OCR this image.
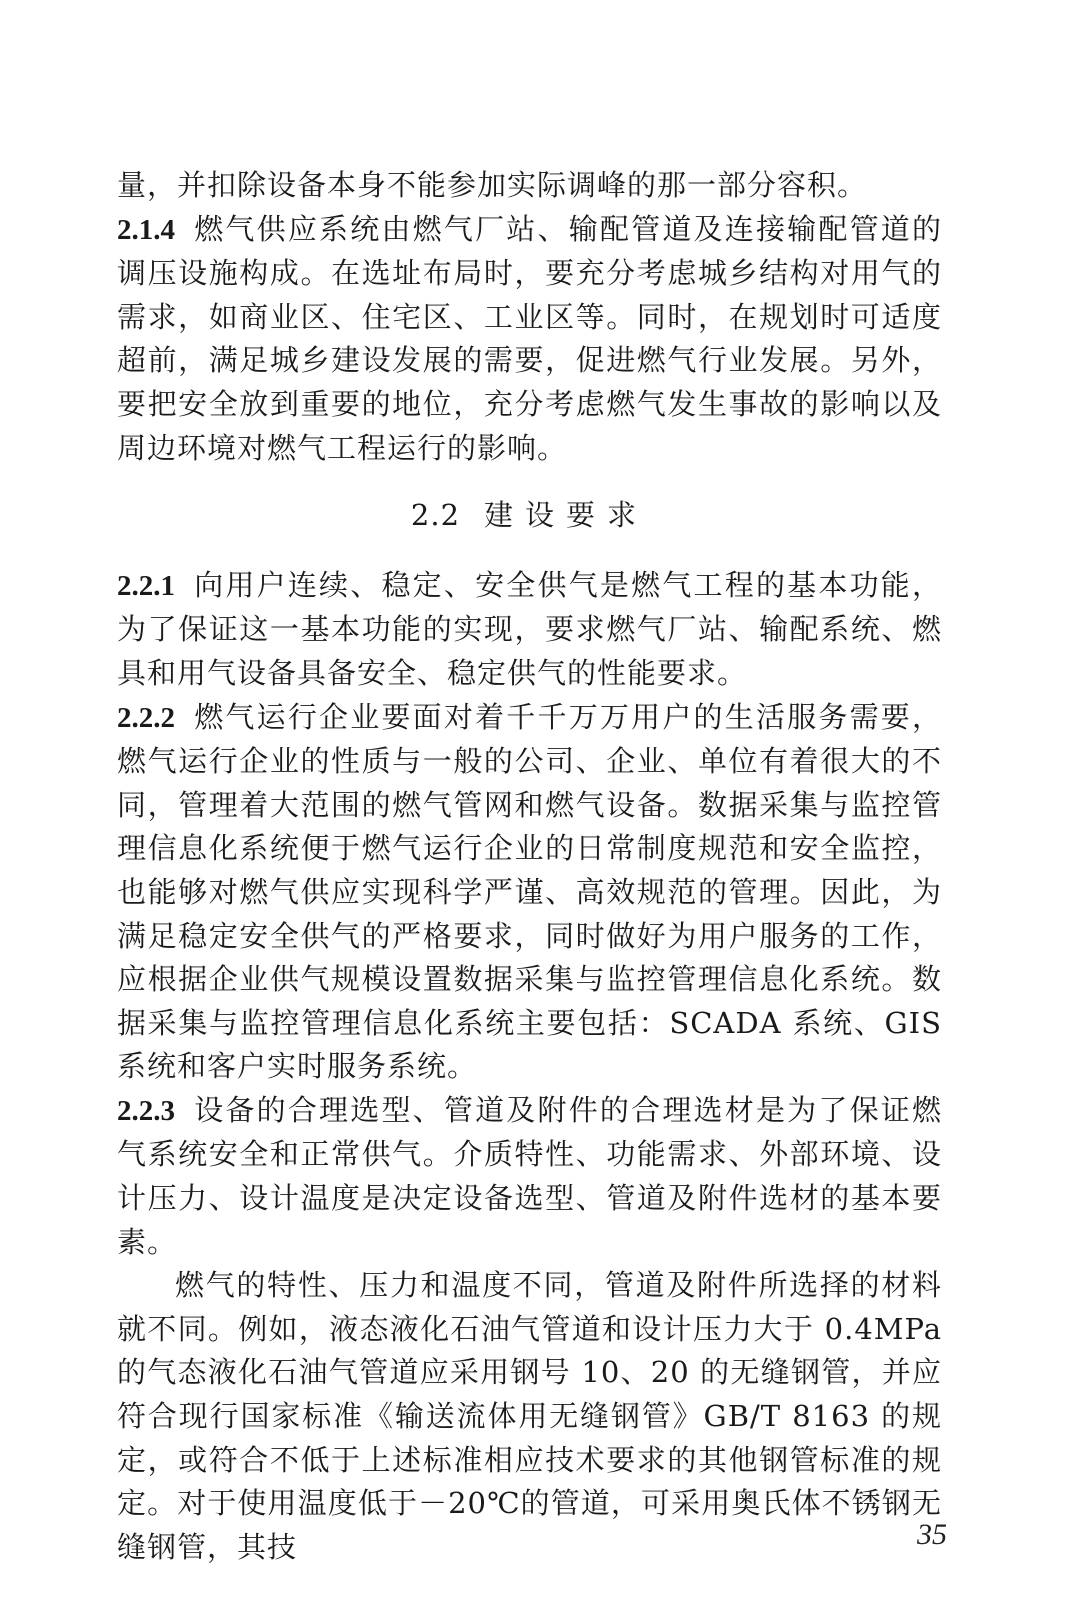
量，并扣除设备本身不能参加实际调峰的那一部分容积。

2.1.4 燃气供应系统由燃气厂站、输配管道及连接输配管道的调压设施构成。在选址布局时，要充分考虑城乡结构对用气的需求，如商业区、住宅区、工业区等。同时，在规划时可适度超前，满足城乡建设发展的需要，促进燃气行业发展。另外，要把安全放到重要的地位，充分考虑燃气发生事故的影响以及周边环境对燃气工程运行的影响。

2.2 建设要求

2.2.1 向用户连续、稳定、安全供气是燃气工程的基本功能，为了保证这一基本功能的实现，要求燃气厂站、输配系统、燃具和用气设备具备安全、稳定供气的性能要求。

2.2.2 燃气运行企业要面对着千千万万用户的生活服务需要，燃气运行企业的性质与一般的公司、企业、单位有着很大的不同，管理着大范围的燃气管网和燃气设备。数据采集与监控管理信息化系统便于燃气运行企业的日常制度规范和安全监控，也能够对燃气供应实现科学严谨、高效规范的管理。因此，为满足稳定安全供气的严格要求，同时做好为用户服务的工作，应根据企业供气规模设置数据采集与监控管理信息化系统。数据采集与监控管理信息化系统主要包括：SCADA 系统、GIS 系统和客户实时服务系统。

2.2.3 设备的合理选型、管道及附件的合理选材是为了保证燃气系统安全和正常供气。介质特性、功能需求、外部环境、设计压力、设计温度是决定设备选型、管道及附件选材的基本要素。

燃气的特性、压力和温度不同，管道及附件所选择的材料就不同。例如，液态液化石油气管道和设计压力大于 0.4MPa 的气态液化石油气管道应采用钢号 10、20 的无缝钢管，并应符合现行国家标准《输送流体用无缝钢管》GB/T 8163 的规定，或符合不低于上述标准相应技术要求的其他钢管标准的规定。对于使用温度低于－20℃的管道，可采用奥氏体不锈钢无缝钢管，其技	35
